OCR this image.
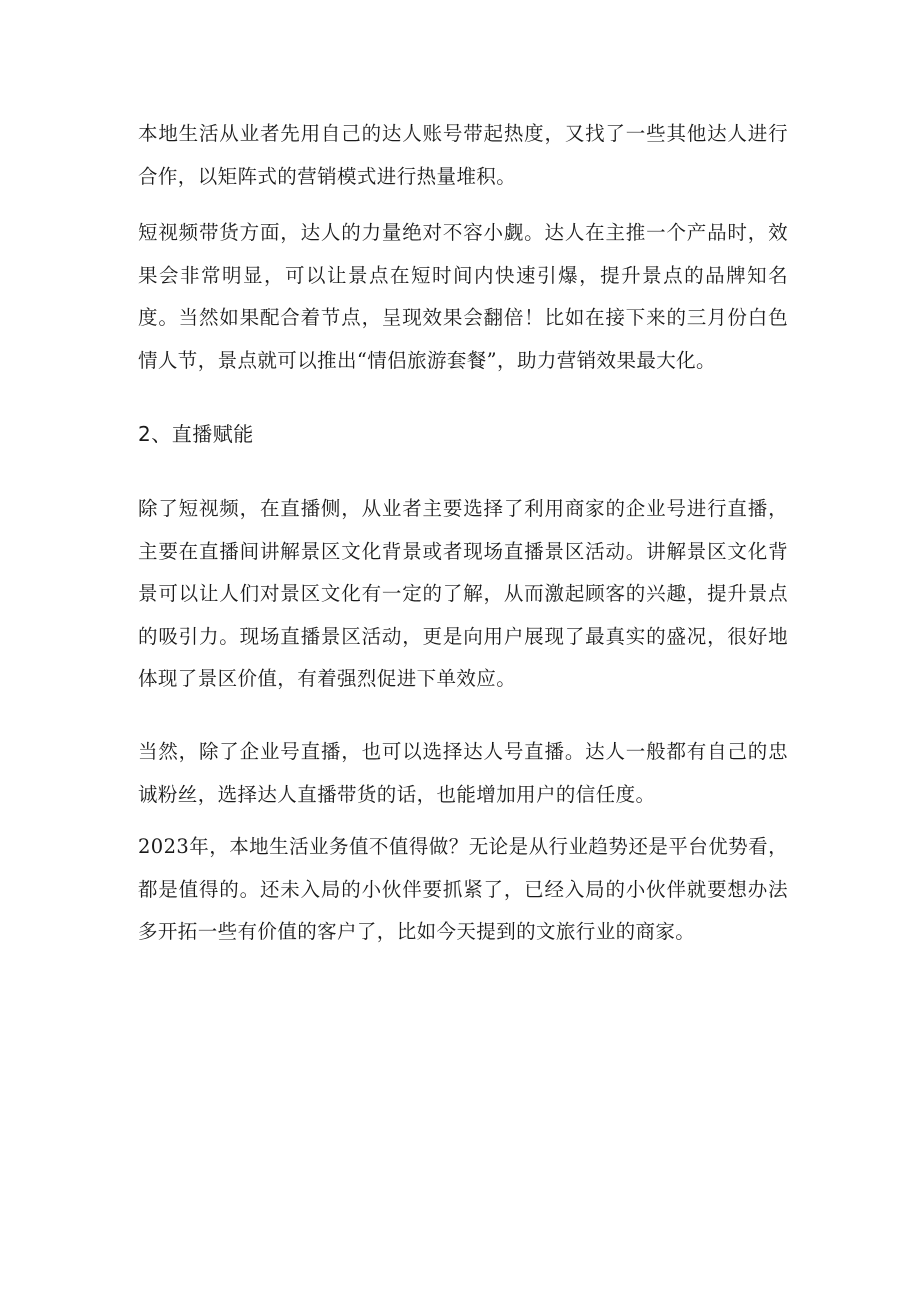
本地生活从业者先用自己的达人账号带起热度，又找了一些其他达人进行合作，以矩阵式的营销模式进行热量堆积。

短视频带货方面，达人的力量绝对不容小觑。达人在主推一个产品时，效果会非常明显，可以让景点在短时间内快速引爆，提升景点的品牌知名度。当然如果配合着节点，呈现效果会翻倍！比如在接下来的三月份白色情人节，景点就可以推出“情侣旅游套餐”，助力营销效果最大化。

2、直播赋能

除了短视频，在直播侧，从业者主要选择了利用商家的企业号进行直播，主要在直播间讲解景区文化背景或者现场直播景区活动。讲解景区文化背景可以让人们对景区文化有一定的了解，从而激起顾客的兴趣，提升景点的吸引力。现场直播景区活动，更是向用户展现了最真实的盛况，很好地体现了景区价值，有着强烈促进下单效应。

当然，除了企业号直播，也可以选择达人号直播。达人一般都有自己的忠诚粉丝，选择达人直播带货的话，也能增加用户的信任度。

2023年，本地生活业务值不值得做？无论是从行业趋势还是平台优势看，都是值得的。还未入局的小伙伴要抓紧了，已经入局的小伙伴就要想办法多开拓一些有价值的客户了，比如今天提到的文旅行业的商家。
